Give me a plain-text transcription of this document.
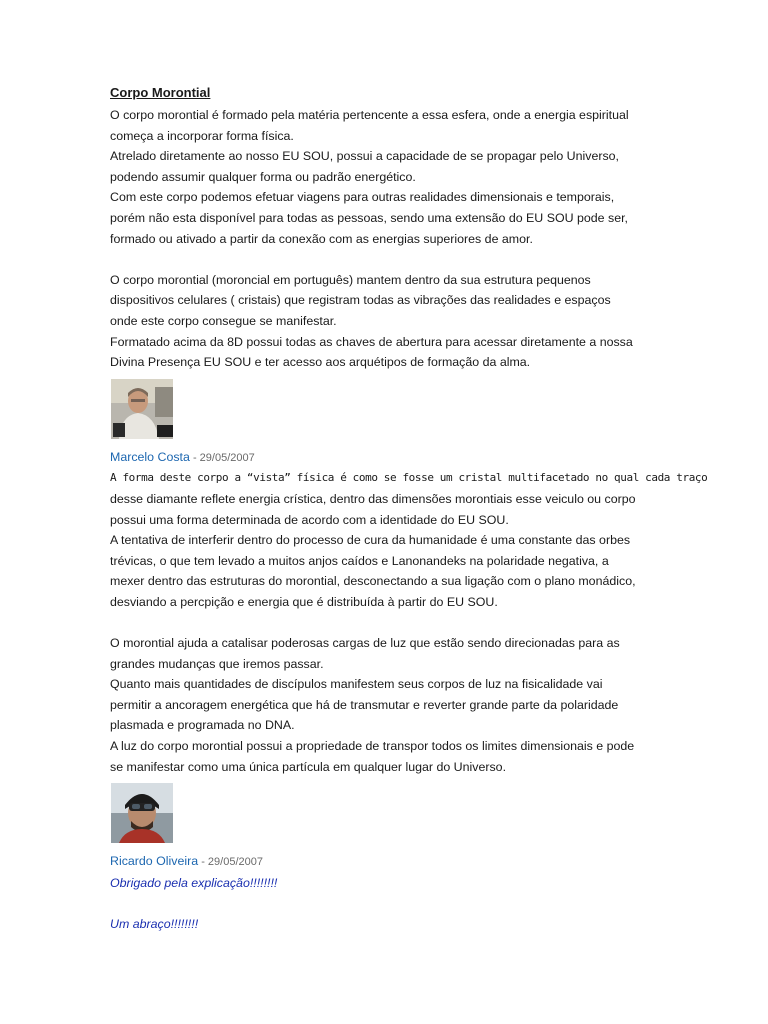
Corpo Morontial

O corpo morontial é formado pela matéria pertencente a essa esfera, onde a energia espiritual
começa a incorporar forma física.
Atrelado diretamente ao nosso EU SOU, possui a capacidade de se propagar pelo Universo,
podendo assumir qualquer forma ou padrão energético.
Com este corpo podemos efetuar viagens para outras realidades dimensionais e temporais,
porém não esta disponível para todas as pessoas, sendo uma extensão do EU SOU pode ser,
formado ou ativado a partir da conexão com as energias superiores de amor.

O corpo morontial (moroncial em português) mantem dentro da sua estrutura pequenos
dispositivos celulares ( cristais) que registram todas as vibrações das realidades e espaços
onde este corpo consegue se manifestar.
Formatado acima da 8D possui todas as chaves de abertura para acessar diretamente a nossa
Divina Presença EU SOU e ter acesso aos arquétipos de formação da alma.

Marcelo Costa - 29/05/2007

A forma deste corpo a “vista” física é como se fosse um cristal multifacetado no qual cada traço
desse diamante reflete energia crística, dentro das dimensões morontiais esse veiculo ou corpo
possui uma forma determinada de acordo com a identidade do EU SOU.
A tentativa de interferir dentro do processo de cura da humanidade é uma constante das orbes
trévicas, o que tem levado a muitos anjos caídos e Lanonandeks na polaridade negativa, a
mexer dentro das estruturas do morontial, desconectando a sua ligação com o plano monádico,
desviando a percpição e energia que é distribuída à partir do EU SOU.

O morontial ajuda a catalisar poderosas cargas de luz que estão sendo direcionadas para as
grandes mudanças que iremos passar.
Quanto mais quantidades de discípulos manifestem seus corpos de luz na fisicalidade vai
permitir a ancoragem energética que há de transmutar e reverter grande parte da polaridade
plasmada e programada no DNA.
A luz do corpo morontial possui a propriedade de transpor todos os limites dimensionais e pode
se manifestar como uma única partícula em qualquer lugar do Universo.

Ricardo Oliveira - 29/05/2007

Obrigado pela explicação!!!!!!!!

Um abraço!!!!!!!!
